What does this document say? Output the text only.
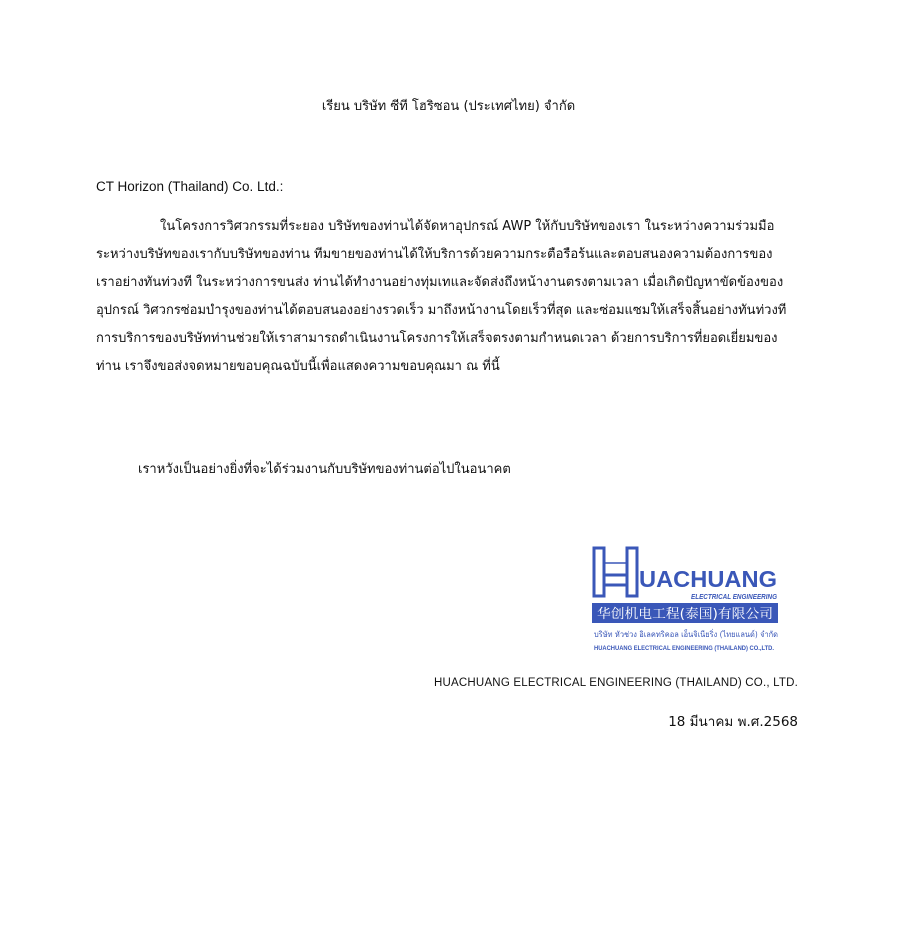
เรียน บริษัท ซีที โฮริซอน (ประเทศไทย) จำกัด
CT Horizon (Thailand) Co. Ltd.:
ในโครงการวิศวกรรมที่ระยอง บริษัทของท่านได้จัดหาอุปกรณ์ AWP ให้กับบริษัทของเรา ในระหว่างความร่วมมือ
ระหว่างบริษัทของเรากับบริษัทของท่าน ทีมขายของท่านได้ให้บริการด้วยความกระตือรือร้นและตอบสนองความต้องการของ
เราอย่างทันท่วงที ในระหว่างการขนส่ง ท่านได้ทำงานอย่างทุ่มเทและจัดส่งถึงหน้างานตรงตามเวลา เมื่อเกิดปัญหาขัดข้องของ
อุปกรณ์ วิศวกรซ่อมบำรุงของท่านได้ตอบสนองอย่างรวดเร็ว มาถึงหน้างานโดยเร็วที่สุด และซ่อมแซมให้เสร็จสิ้นอย่างทันท่วงที
การบริการของบริษัทท่านช่วยให้เราสามารถดำเนินงานโครงการให้เสร็จตรงตามกำหนดเวลา ด้วยการบริการที่ยอดเยี่ยมของ
ท่าน เราจึงขอส่งจดหมายขอบคุณฉบับนี้เพื่อแสดงความขอบคุณมา ณ ที่นี้
เราหวังเป็นอย่างยิ่งที่จะได้ร่วมงานกับบริษัทของท่านต่อไปในอนาคต
UACHUANG
ELECTRICAL ENGINEERING
华创机电工程(泰国)有限公司
บริษัท หัวช่วง อิเลคทริคอล เอ็นจิเนียริ่ง (ไทยแลนด์) จำกัด
HUACHUANG ELECTRICAL ENGINEERING (THAILAND) CO.,LTD.
HUACHUANG ELECTRICAL ENGINEERING (THAILAND) CO., LTD.
18 มีนาคม พ.ศ.2568
